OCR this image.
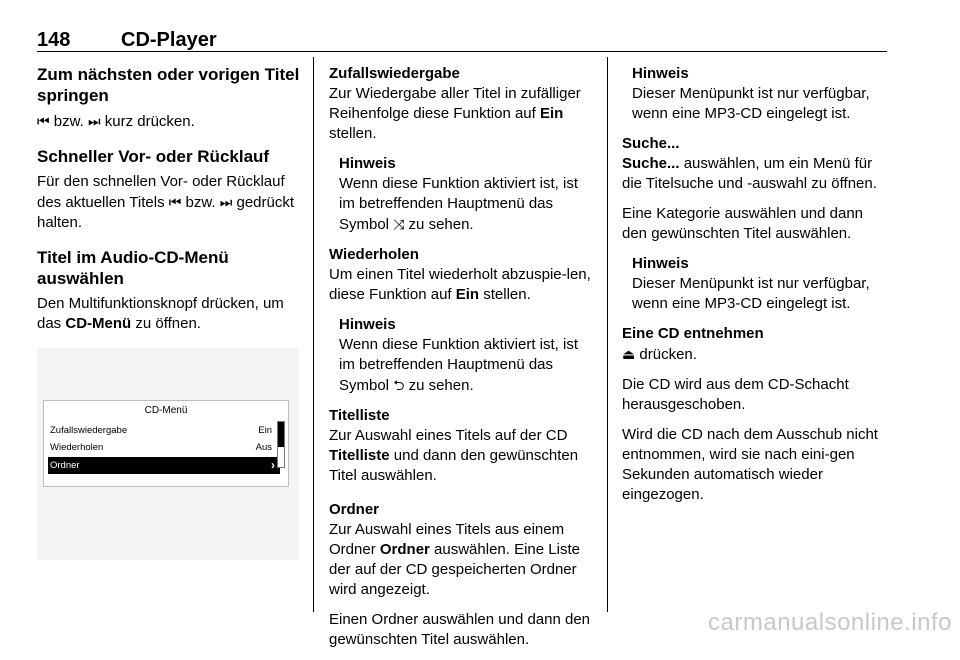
148	CD-Player
Zum nächsten oder vorigen Titel springen

⏮ bzw. ⏭ kurz drücken.

Schneller Vor- oder Rücklauf

Für den schnellen Vor- oder Rücklauf des aktuellen Titels ⏮ bzw. ⏭ gedrückt halten.

Titel im Audio-CD-Menü auswählen

Den Multifunktionsknopf drücken, um das CD-Menü zu öffnen.

CD-Menü
Zufallswiedergabe	Ein
Wiederholen	Aus
Ordner	›
Zufallswiedergabe

Zur Wiedergabe aller Titel in zufälliger Reihenfolge diese Funktion auf Ein stellen.

Hinweis

Wenn diese Funktion aktiviert ist, ist im betreffenden Hauptmenü das Symbol ⤨ zu sehen.

Wiederholen

Um einen Titel wiederholt abzuspie-len, diese Funktion auf Ein stellen.

Hinweis

Wenn diese Funktion aktiviert ist, ist im betreffenden Hauptmenü das Symbol ⮌ zu sehen.

Titelliste

Zur Auswahl eines Titels auf der CD Titelliste und dann den gewünschten Titel auswählen.

Ordner

Zur Auswahl eines Titels aus einem Ordner Ordner auswählen. Eine Liste der auf der CD gespeicherten Ordner wird angezeigt.

Einen Ordner auswählen und dann den gewünschten Titel auswählen.

Hinweis

Dieser Menüpunkt ist nur verfügbar, wenn eine MP3-CD eingelegt ist.

Suche...

Suche... auswählen, um ein Menü für die Titelsuche und -auswahl zu öffnen.

Eine Kategorie auswählen und dann den gewünschten Titel auswählen.

Hinweis

Dieser Menüpunkt ist nur verfügbar, wenn eine MP3-CD eingelegt ist.

Eine CD entnehmen

⏏ drücken.

Die CD wird aus dem CD-Schacht herausgeschoben.

Wird die CD nach dem Ausschub nicht entnommen, wird sie nach eini-gen Sekunden automatisch wieder eingezogen.

carmanualsonline.info
